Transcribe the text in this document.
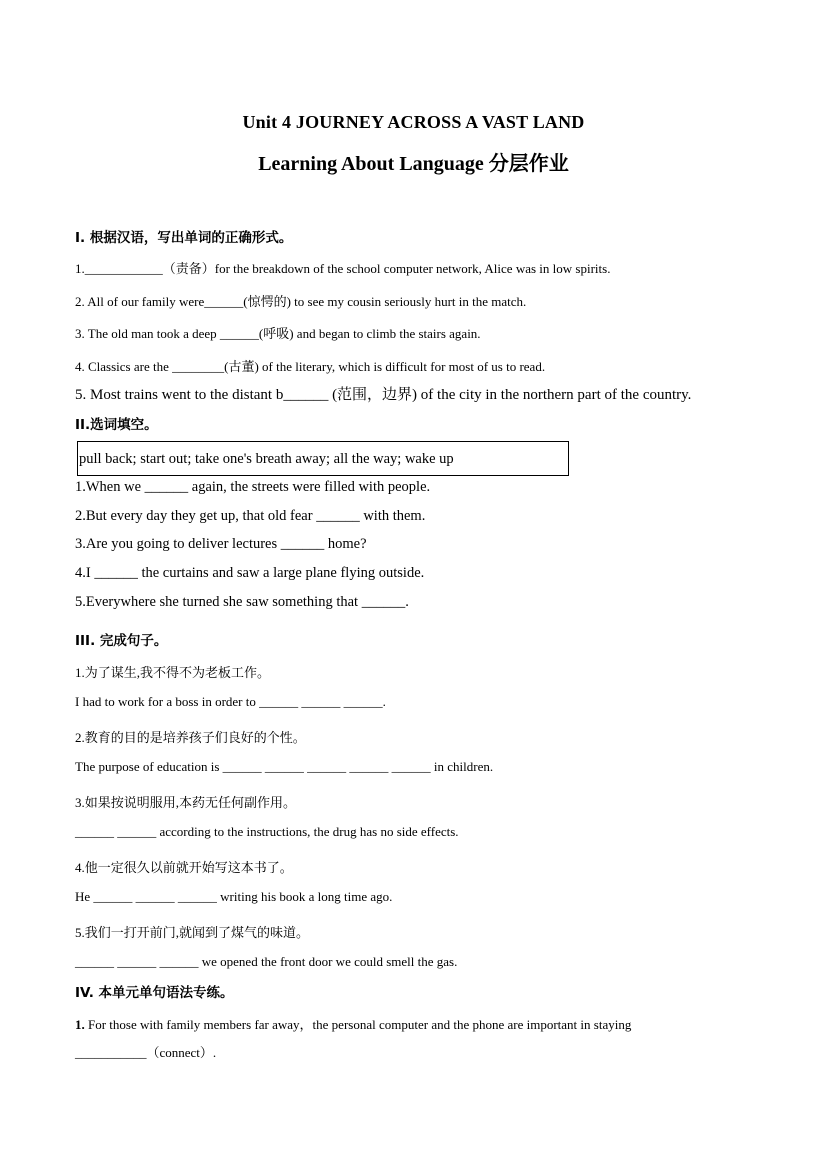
Unit 4 JOURNEY ACROSS A VAST LAND
Learning About Language 分层作业
I. 根据汉语，写出单词的正确形式。
1.____________（责备）for the breakdown of the school computer network, Alice was in low spirits.
2. All of our family were______(惊愕的) to see my cousin seriously hurt in the match.
3. The old man took a deep ______(呼吸) and began to climb the stairs again.
4. Classics are the ________(古董) of the literary, which is difficult for most of us to read.
5. Most trains went to the distant b______ (范围，边界) of the city in the northern part of the country.
II.选词填空。
pull back; start out; take one's breath away; all the way; wake up
1.When we ______ again, the streets were filled with people.
2.But every day they get up, that old fear ______ with them.
3.Are you going to deliver lectures ______ home?
4.I ______ the curtains and saw a large plane flying outside.
5.Everywhere she turned she saw something that ______.
III. 完成句子。
1.为了谋生,我不得不为老板工作。
I had to work for a boss in order to ______ ______ ______.
2.教育的目的是培养孩子们良好的个性。
The purpose of education is ______ ______ ______ ______ ______ in children.
3.如果按说明服用,本药无任何副作用。
______ ______ according to the instructions, the drug has no side effects.
4.他一定很久以前就开始写这本书了。
He ______ ______ ______ writing his book a long time ago.
5.我们一打开前门,就闻到了煤气的味道。
______ ______ ______ we opened the front door we could smell the gas.
IV. 本单元单句语法专练。
1. For those with family members far away，the personal computer and the phone are important in staying
___________（connect）.
